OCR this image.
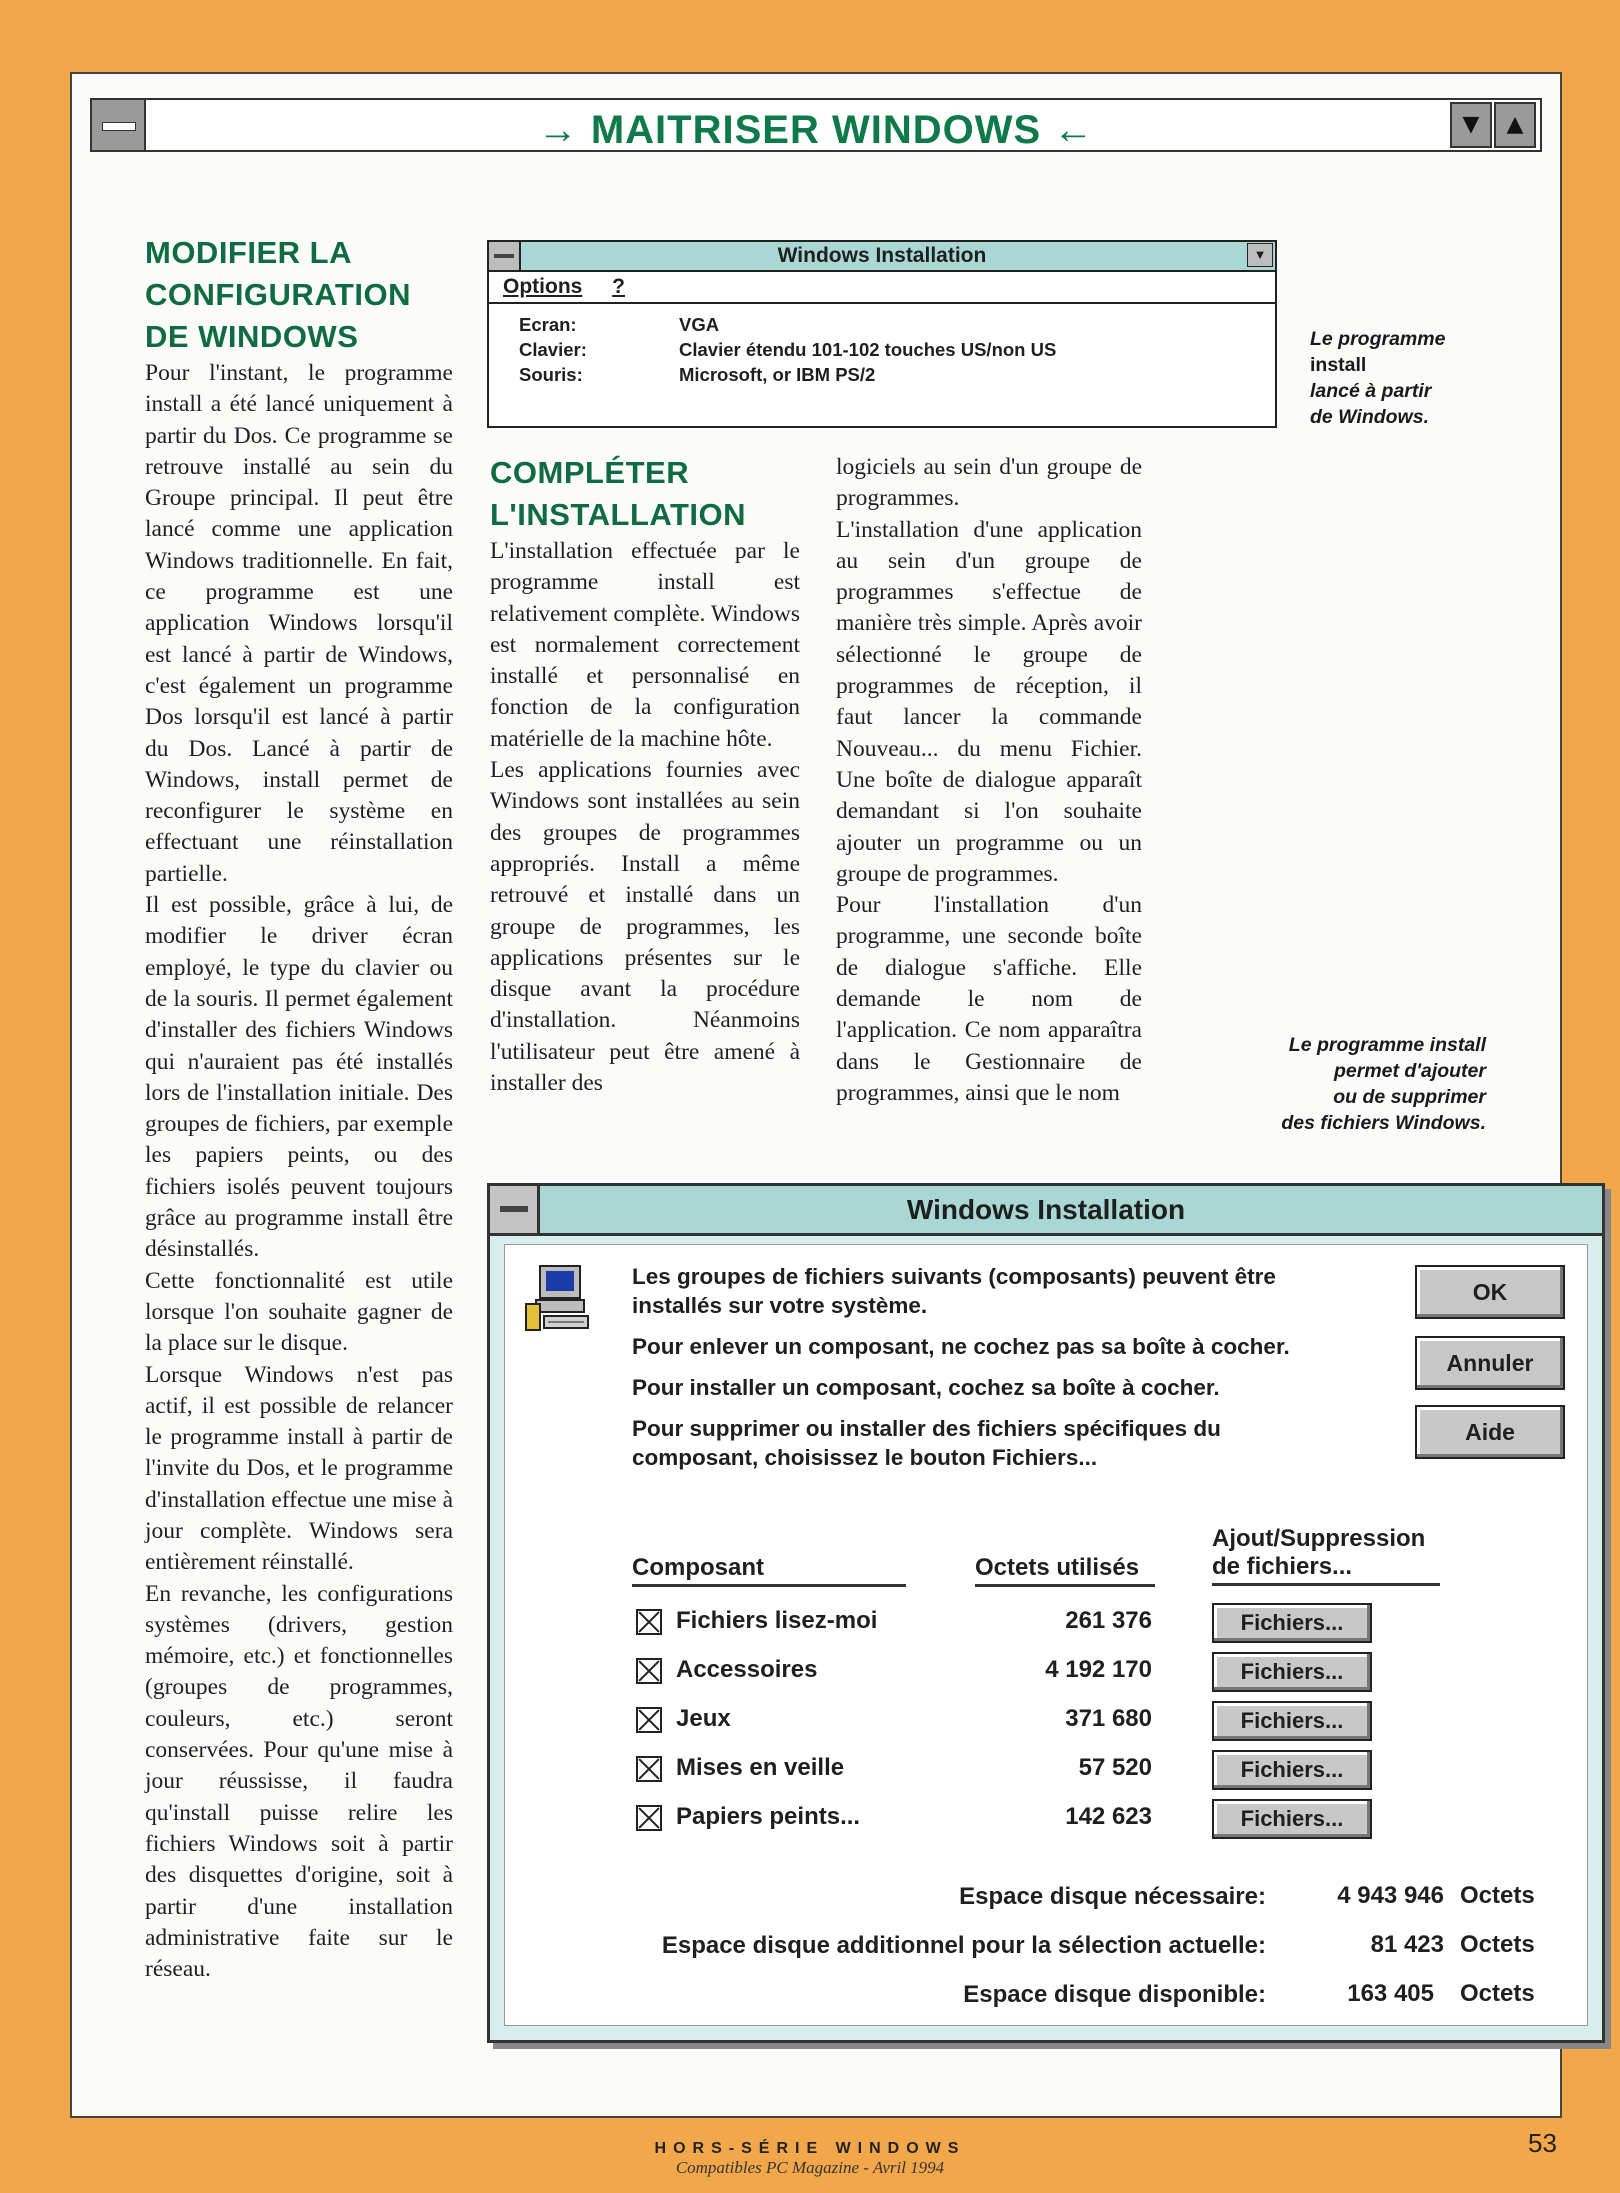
→ MAITRISER WINDOWS ←	▼	▲
MODIFIER LA
CONFIGURATION
DE WINDOWS

Pour l'instant, le programme install a été lancé uniquement à partir du Dos. Ce programme se retrouve installé au sein du Groupe principal. Il peut être lancé comme une application Windows traditionnelle. En fait, ce programme est une application Windows lorsqu'il est lancé à partir de Windows, c'est également un programme Dos lorsqu'il est lancé à partir du Dos. Lancé à partir de Windows, install permet de reconfigurer le système en effectuant une réinstallation partielle.

Il est possible, grâce à lui, de modifier le driver écran employé, le type du clavier ou de la souris. Il permet également d'installer des fichiers Windows qui n'auraient pas été installés lors de l'installation initiale. Des groupes de fichiers, par exemple les papiers peints, ou des fichiers isolés peuvent toujours grâce au programme install être désinstallés.

Cette fonctionnalité est utile lorsque l'on souhaite gagner de la place sur le disque.

Lorsque Windows n'est pas actif, il est possible de relancer le programme install à partir de l'invite du Dos, et le programme d'installation effectue une mise à jour complète. Windows sera entièrement réinstallé.

En revanche, les configurations systèmes (drivers, gestion mémoire, etc.) et fonctionnelles (groupes de programmes, couleurs, etc.) seront conservées. Pour qu'une mise à jour réussisse, il faudra qu'install puisse relire les fichiers Windows soit à partir des disquettes d'origine, soit à partir d'une installation administrative faite sur le réseau.

Windows Installation	▼
Options ?
Ecran:	VGA
Clavier:	Clavier étendu 101-102 touches US/non US
Souris:	Microsoft, or IBM PS/2
Le programme
install
lancé à partir
de Windows.
COMPLÉTER
L'INSTALLATION

L'installation effectuée par le programme install est relativement complète. Windows est normalement correctement installé et personnalisé en fonction de la configuration matérielle de la machine hôte.

Les applications fournies avec Windows sont installées au sein des groupes de programmes appropriés. Install a même retrouvé et installé dans un groupe de programmes, les applications présentes sur le disque avant la procédure d'installation. Néanmoins l'utilisateur peut être amené à installer des

logiciels au sein d'un groupe de programmes.

L'installation d'une application au sein d'un groupe de programmes s'effectue de manière très simple. Après avoir sélectionné le groupe de programmes de réception, il faut lancer la commande Nouveau... du menu Fichier. Une boîte de dialogue apparaît demandant si l'on souhaite ajouter un programme ou un groupe de programmes.

Pour l'installation d'un programme, une seconde boîte de dialogue s'affiche. Elle demande le nom de l'application. Ce nom apparaîtra dans le Gestionnaire de programmes, ainsi que le nom

Le programme install
permet d'ajouter
ou de supprimer
des fichiers Windows.
Windows Installation

Les groupes de fichiers suivants (composants) peuvent être installés sur votre système.

Pour enlever un composant, ne cochez pas sa boîte à cocher.

Pour installer un composant, cochez sa boîte à cocher.

Pour supprimer ou installer des fichiers spécifiques du composant, choisissez le bouton Fichiers...

OK
Annuler
Aide
Composant	Octets utilisés
Ajout/Suppression
de fichiers...
Fichiers lisez-moi	261 376	Fichiers...
Accessoires	4 192 170	Fichiers...
Jeux	371 680	Fichiers...
Mises en veille	57 520	Fichiers...
Papiers peints...	142 623	Fichiers...
Espace disque nécessaire:	4 943 946 Octets
Espace disque additionnel pour la sélection actuelle:	81 423 Octets
Espace disque disponible:	163 405 Octets
HORS-SÉRIE WINDOWS
Compatibles PC Magazine - Avril 1994
53
